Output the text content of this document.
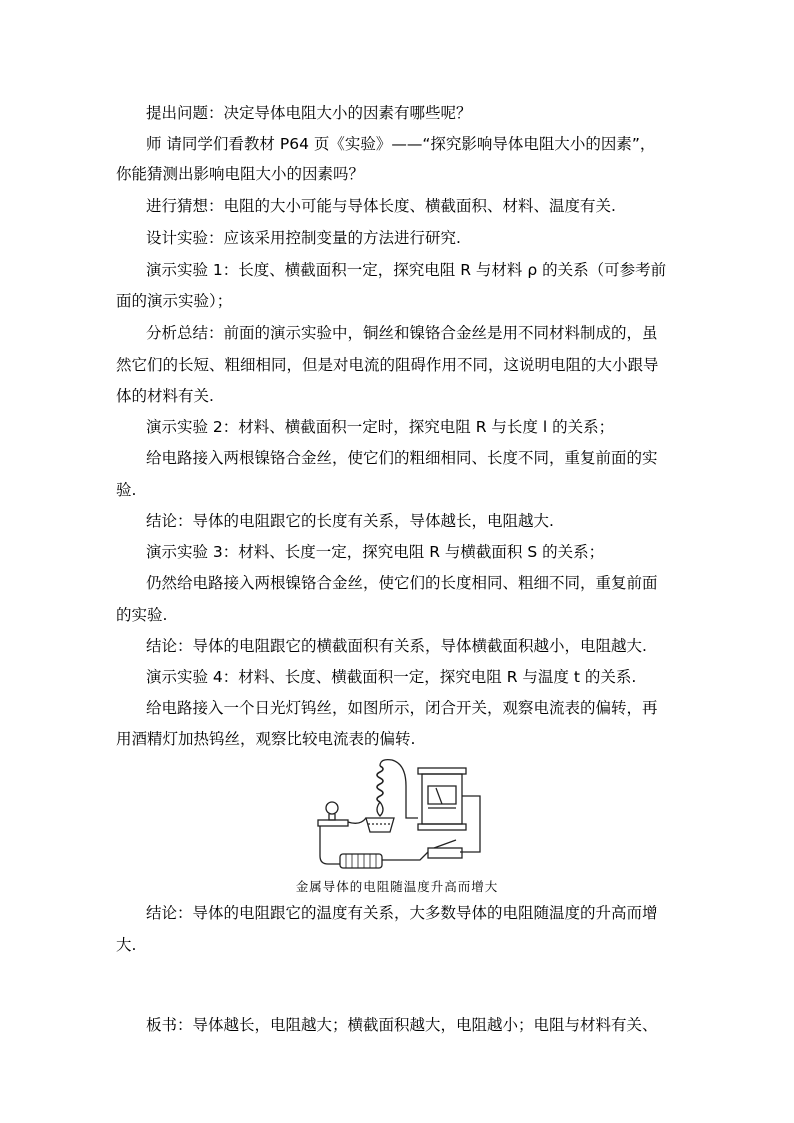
提出问题：决定导体电阻大小的因素有哪些呢？
师 请同学们看教材 P64 页《实验》——“探究影响导体电阻大小的因素”，
你能猜测出影响电阻大小的因素吗？
进行猜想：电阻的大小可能与导体长度、横截面积、材料、温度有关.
设计实验：应该采用控制变量的方法进行研究.
演示实验 1：长度、横截面积一定，探究电阻 R 与材料 ρ 的关系（可参考前
面的演示实验）；
分析总结：前面的演示实验中，铜丝和镍铬合金丝是用不同材料制成的，虽
然它们的长短、粗细相同，但是对电流的阻碍作用不同，这说明电阻的大小跟导
体的材料有关.
演示实验 2：材料、横截面积一定时，探究电阻 R 与长度 l 的关系；
给电路接入两根镍铬合金丝，使它们的粗细相同、长度不同，重复前面的实
验.
结论：导体的电阻跟它的长度有关系，导体越长，电阻越大.
演示实验 3：材料、长度一定，探究电阻 R 与横截面积 S 的关系；
仍然给电路接入两根镍铬合金丝，使它们的长度相同、粗细不同，重复前面
的实验.
结论：导体的电阻跟它的横截面积有关系，导体横截面积越小，电阻越大.
演示实验 4：材料、长度、横截面积一定，探究电阻 R 与温度 t 的关系.
给电路接入一个日光灯钨丝，如图所示，闭合开关，观察电流表的偏转，再
用酒精灯加热钨丝，观察比较电流表的偏转.
金属导体的电阻随温度升高而增大
结论：导体的电阻跟它的温度有关系，大多数导体的电阻随温度的升高而增
大.
板书：导体越长，电阻越大；横截面积越大，电阻越小；电阻与材料有关、
